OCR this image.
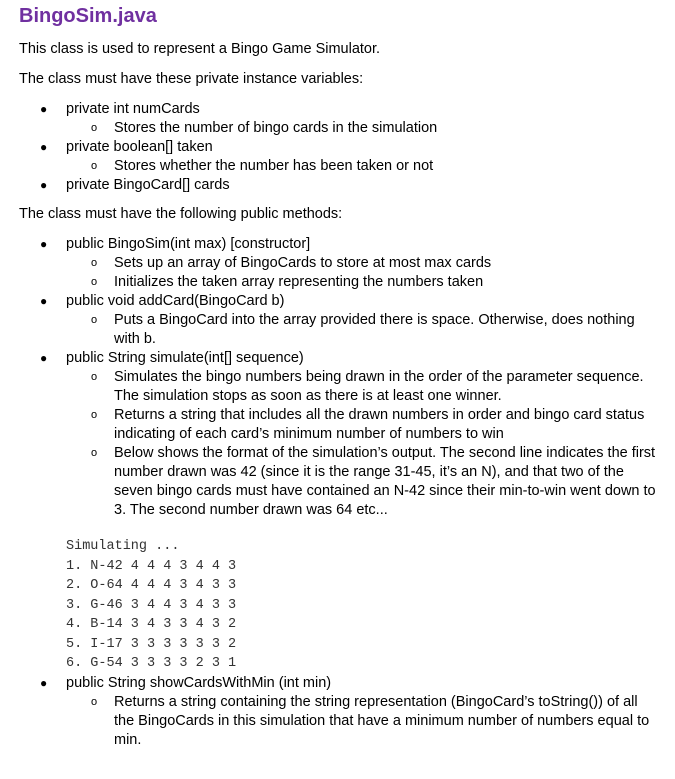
BingoSim.java

This class is used to represent a Bingo Game Simulator.

The class must have these private instance variables:

● private int numCards
o Stores the number of bingo cards in the simulation
● private boolean[] taken
o Stores whether the number has been taken or not
● private BingoCard[] cards

The class must have the following public methods:

● public BingoSim(int max) [constructor]
o Sets up an array of BingoCards to store at most max cards
o Initializes the taken array representing the numbers taken
● public void addCard(BingoCard b)
o Puts a BingoCard into the array provided there is space. Otherwise, does nothing with b.
● public String simulate(int[] sequence)
o Simulates the bingo numbers being drawn in the order of the parameter sequence. The simulation stops as soon as there is at least one winner.
o Returns a string that includes all the drawn numbers in order and bingo card status indicating of each card’s minimum number of numbers to win
o Below shows the format of the simulation’s output. The second line indicates the first number drawn was 42 (since it is the range 31-45, it’s an N), and that two of the seven bingo cards must have contained an N-42 since their min-to-win went down to 3. The second number drawn was 64 etc...
Simulating ...
1. N-42 4 4 4 3 4 4 3
2. O-64 4 4 4 3 4 3 3
3. G-46 3 4 4 3 4 3 3
4. B-14 3 4 3 3 4 3 2
5. I-17 3 3 3 3 3 3 2
6. G-54 3 3 3 3 2 3 1
● public String showCardsWithMin (int min)
o Returns a string containing the string representation (BingoCard’s toString()) of all the BingoCards in this simulation that have a minimum number of numbers equal to min.
